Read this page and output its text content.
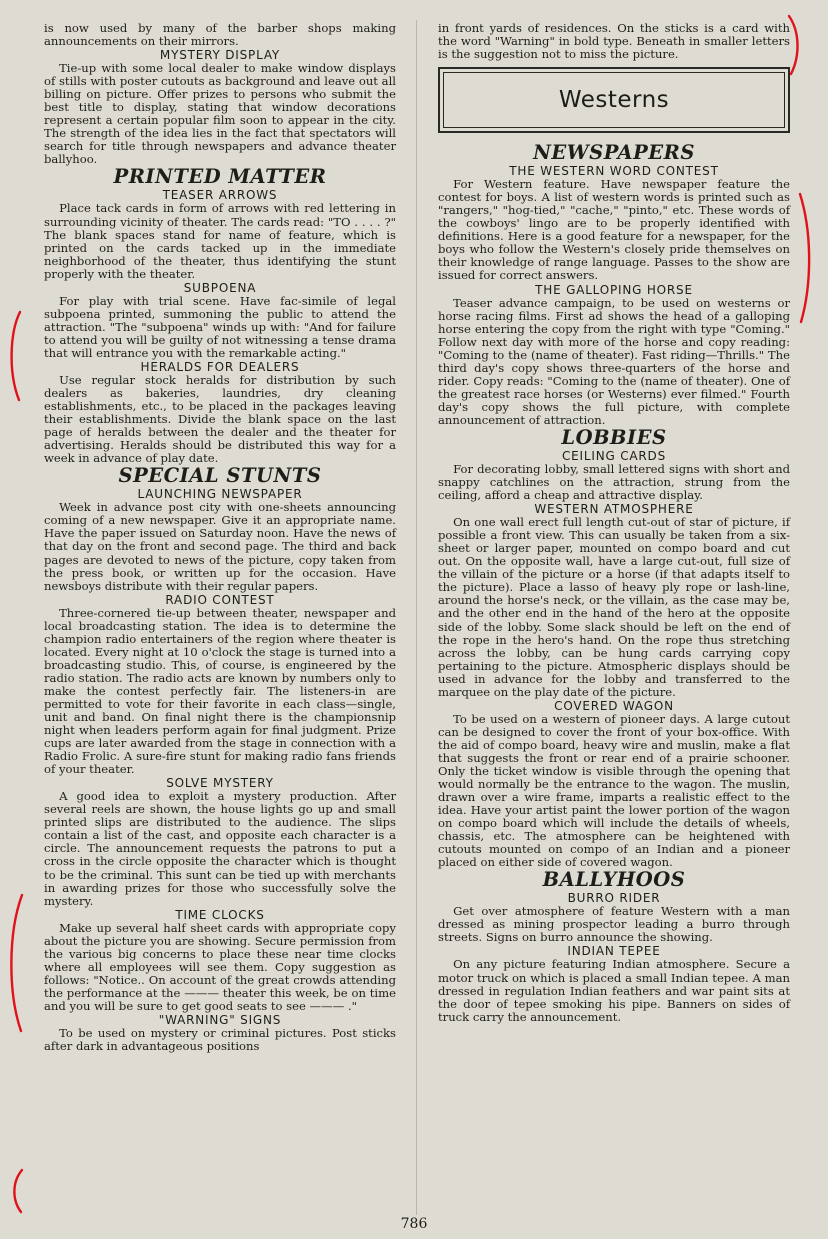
is now used by many of the barber shops making announcements on their mirrors.

MYSTERY DISPLAY

Tie-up with some local dealer to make window displays of stills with poster cutouts as background and leave out all billing on picture. Offer prizes to persons who submit the best title to display, stating that window decorations represent a certain popular film soon to appear in the city. The strength of the idea lies in the fact that spectators will search for title through newspapers and advance theater ballyhoo.

PRINTED MATTER
TEASER ARROWS

Place tack cards in form of arrows with red lettering in surrounding vicinity of theater. The cards read: "TO . . . . ?" The blank spaces stand for name of feature, which is printed on the cards tacked up in the immediate neighborhood of the theater, thus identifying the stunt properly with the theater.

SUBPOENA

For play with trial scene. Have fac-simile of legal subpoena printed, summoning the public to attend the attraction. "The "subpoena" winds up with: "And for failure to attend you will be guilty of not witnessing a tense drama that will entrance you with the remarkable acting."

HERALDS FOR DEALERS

Use regular stock heralds for distribution by such dealers as bakeries, laundries, dry cleaning establishments, etc., to be placed in the packages leaving their establishments. Divide the blank space on the last page of heralds between the dealer and the theater for advertising. Heralds should be distributed this way for a week in advance of play date.

SPECIAL STUNTS
LAUNCHING NEWSPAPER

Week in advance post city with one-sheets announcing coming of a new newspaper. Give it an appropriate name. Have the paper issued on Saturday noon. Have the news of that day on the front and second page. The third and back pages are devoted to news of the picture, copy taken from the press book, or written up for the occasion. Have newsboys distribute with their regular papers.

RADIO CONTEST

Three-cornered tie-up between theater, newspaper and local broadcasting station. The idea is to determine the champion radio entertainers of the region where theater is located. Every night at 10 o'clock the stage is turned into a broadcasting studio. This, of course, is engineered by the radio station. The radio acts are known by numbers only to make the contest perfectly fair. The listeners-in are permitted to vote for their favorite in each class—single, unit and band. On final night there is the championsnip night when leaders perform again for final judgment. Prize cups are later awarded from the stage in connection with a Radio Frolic. A sure-fire stunt for making radio fans friends of your theater.

SOLVE MYSTERY

A good idea to exploit a mystery production. After several reels are shown, the house lights go up and small printed slips are distributed to the audience. The slips contain a list of the cast, and opposite each character is a circle. The announcement requests the patrons to put a cross in the circle opposite the character which is thought to be the criminal. This sunt can be tied up with merchants in awarding prizes for those who successfully solve the mystery.

TIME CLOCKS

Make up several half sheet cards with appropriate copy about the picture you are showing. Secure permission from the various big concerns to place these near time clocks where all employees will see them. Copy suggestion as follows: "Notice.. On account of the great crowds attending the performance at the ——— theater this week, be on time and you will be sure to get good seats to see ——— ."

"WARNING" SIGNS

To be used on mystery or criminal pictures. Post sticks after dark in advantageous positions

in front yards of residences. On the sticks is a card with the word "Warning" in bold type. Beneath in smaller letters is the suggestion not to miss the picture.

Westerns
NEWSPAPERS
THE WESTERN WORD CONTEST

For Western feature. Have newspaper feature the contest for boys. A list of western words is printed such as "rangers," "hog-tied," "cache," "pinto," etc. These words of the cowboys' lingo are to be properly identified with definitions. Here is a good feature for a newspaper, for the boys who follow the Western's closely pride themselves on their knowledge of range language. Passes to the show are issued for correct answers.

THE GALLOPING HORSE

Teaser advance campaign, to be used on westerns or horse racing films. First ad shows the head of a galloping horse entering the copy from the right with type "Coming." Follow next day with more of the horse and copy reading: "Coming to the (name of theater). Fast riding—Thrills." The third day's copy shows three-quarters of the horse and rider. Copy reads: "Coming to the (name of theater). One of the greatest race horses (or Westerns) ever filmed." Fourth day's copy shows the full picture, with complete announcement of attraction.

LOBBIES
CEILING CARDS

For decorating lobby, small lettered signs with short and snappy catchlines on the attraction, strung from the ceiling, afford a cheap and attractive display.

WESTERN ATMOSPHERE

On one wall erect full length cut-out of star of picture, if possible a front view. This can usually be taken from a six-sheet or larger paper, mounted on compo board and cut out. On the opposite wall, have a large cut-out, full size of the villain of the picture or a horse (if that adapts itself to the picture). Place a lasso of heavy ply rope or lash-line, around the horse's neck, or the villain, as the case may be, and the other end in the hand of the hero at the opposite side of the lobby. Some slack should be left on the end of the rope in the hero's hand. On the rope thus stretching across the lobby, can be hung cards carrying copy pertaining to the picture. Atmospheric displays should be used in advance for the lobby and transferred to the marquee on the play date of the picture.

COVERED WAGON

To be used on a western of pioneer days. A large cutout can be designed to cover the front of your box-office. With the aid of compo board, heavy wire and muslin, make a flat that suggests the front or rear end of a prairie schooner. Only the ticket window is visible through the opening that would normally be the entrance to the wagon. The muslin, drawn over a wire frame, imparts a realistic effect to the idea. Have your artist paint the lower portion of the wagon on compo board which will include the details of wheels, chassis, etc. The atmosphere can be heightened with cutouts mounted on compo of an Indian and a pioneer placed on either side of covered wagon.

BALLYHOOS
BURRO RIDER

Get over atmosphere of feature Western with a man dressed as mining prospector leading a burro through streets. Signs on burro announce the showing.

INDIAN TEPEE

On any picture featuring Indian atmosphere. Secure a motor truck on which is placed a small Indian tepee. A man dressed in regulation Indian feathers and war paint sits at the door of tepee smoking his pipe. Banners on sides of truck carry the announcement.

786
